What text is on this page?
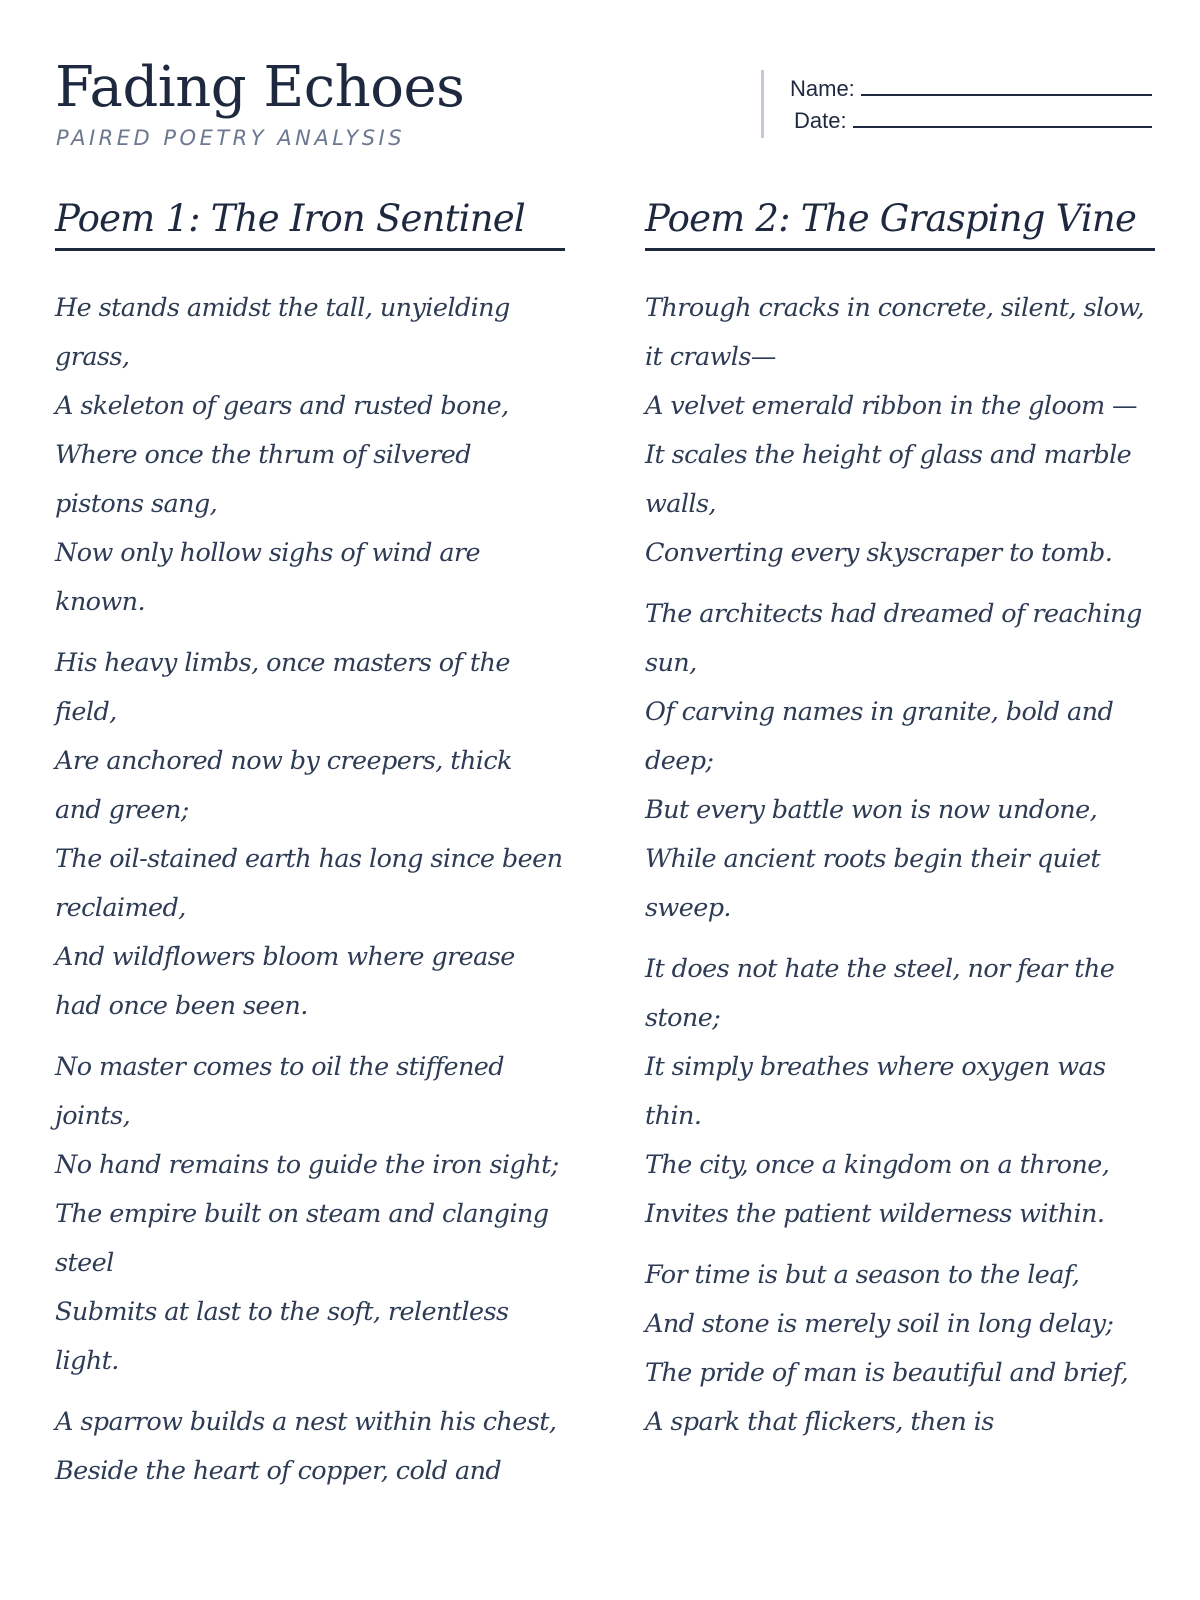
Fading Echoes
PAIRED POETRY ANALYSIS
Name:
Date:
Poem 1: The Iron Sentinel
He stands amidst the tall, unyielding grass,
A skeleton of gears and rusted bone,
Where once the thrum of silvered pistons sang,
Now only hollow sighs of wind are known.
His heavy limbs, once masters of the field,
Are anchored now by creepers, thick and green;
The oil-stained earth has long since been reclaimed,
And wildflowers bloom where grease had once been seen.
No master comes to oil the stiffened joints,
No hand remains to guide the iron sight;
The empire built on steam and clanging steel
Submits at last to the soft, relentless light.
A sparrow builds a nest within his chest,
Beside the heart of copper, cold and
Poem 2: The Grasping Vine
Through cracks in concrete, silent, slow, it crawls—
A velvet emerald ribbon in the gloom —
It scales the height of glass and marble walls,
Converting every skyscraper to tomb.
The architects had dreamed of reaching sun,
Of carving names in granite, bold and deep;
But every battle won is now undone,
While ancient roots begin their quiet sweep.
It does not hate the steel, nor fear the stone;
It simply breathes where oxygen was thin.
The city, once a kingdom on a throne,
Invites the patient wilderness within.
For time is but a season to the leaf,
And stone is merely soil in long delay;
The pride of man is beautiful and brief,
A spark that flickers, then is
